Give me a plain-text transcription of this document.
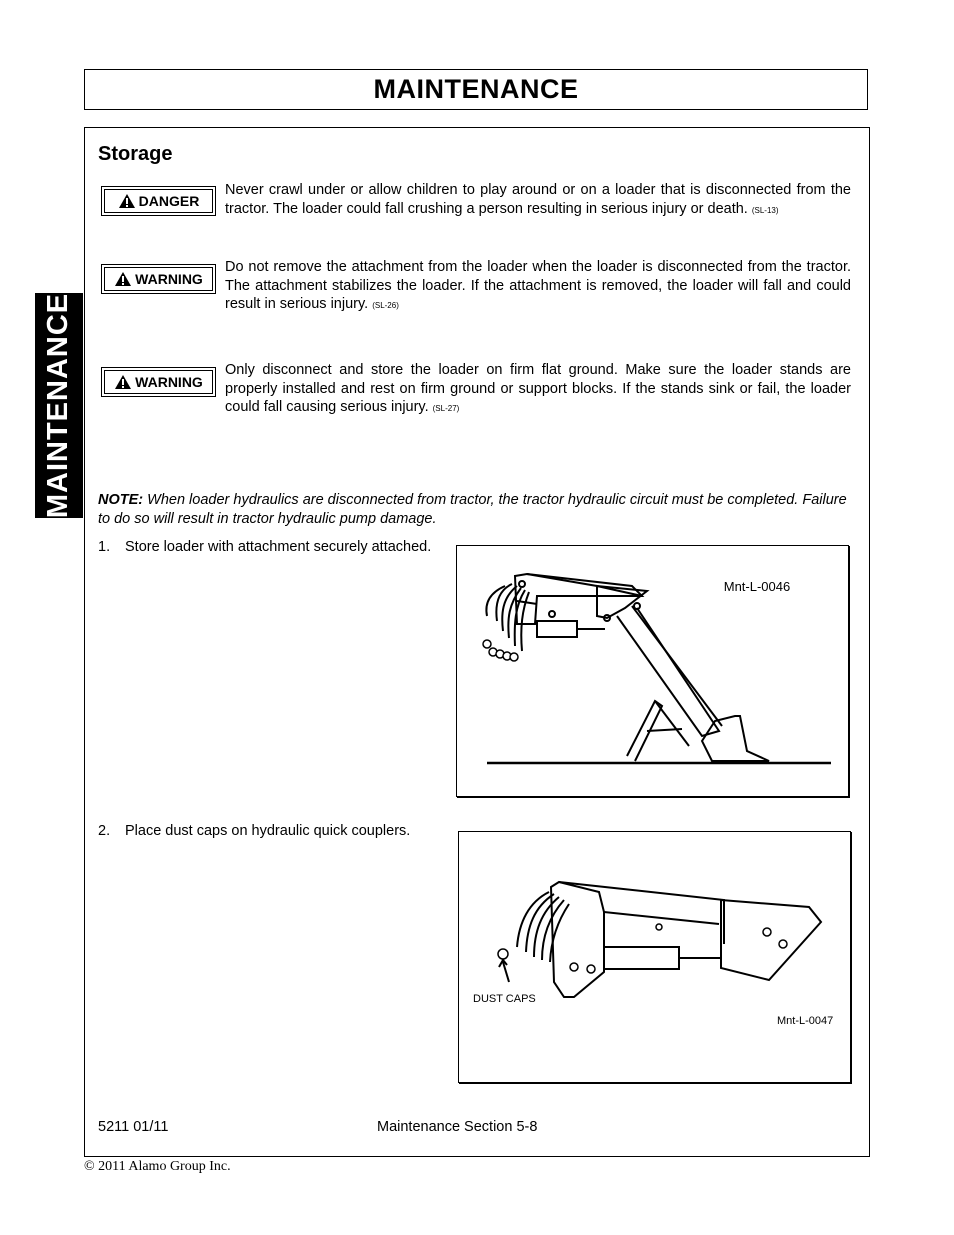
MAINTENANCE
MAINTENANCE
Storage
DANGER
Never crawl under or allow children to play around or on a loader that is disconnected from the tractor. The loader could fall crushing a person resulting in serious injury or death. (SL-13)
WARNING
Do not remove the attachment from the loader when the loader is disconnected from the tractor. The attachment stabilizes the loader. If the attachment is removed, the loader will fall and could result in serious injury. (SL-26)
WARNING
Only disconnect and store the loader on firm flat ground. Make sure the loader stands are properly installed and rest on firm ground or support blocks. If the stands sink or fail, the loader could fall causing serious injury. (SL-27)
NOTE: When loader hydraulics are disconnected from tractor, the tractor hydraulic circuit must be completed. Failure to do so will result in tractor hydraulic pump damage.
1. Store loader with attachment securely attached.
Mnt-L-0046
2. Place dust caps on hydraulic quick couplers.
DUST CAPS
Mnt-L-0047
5211 01/11	Maintenance Section 5-8
© 2011 Alamo Group Inc.
